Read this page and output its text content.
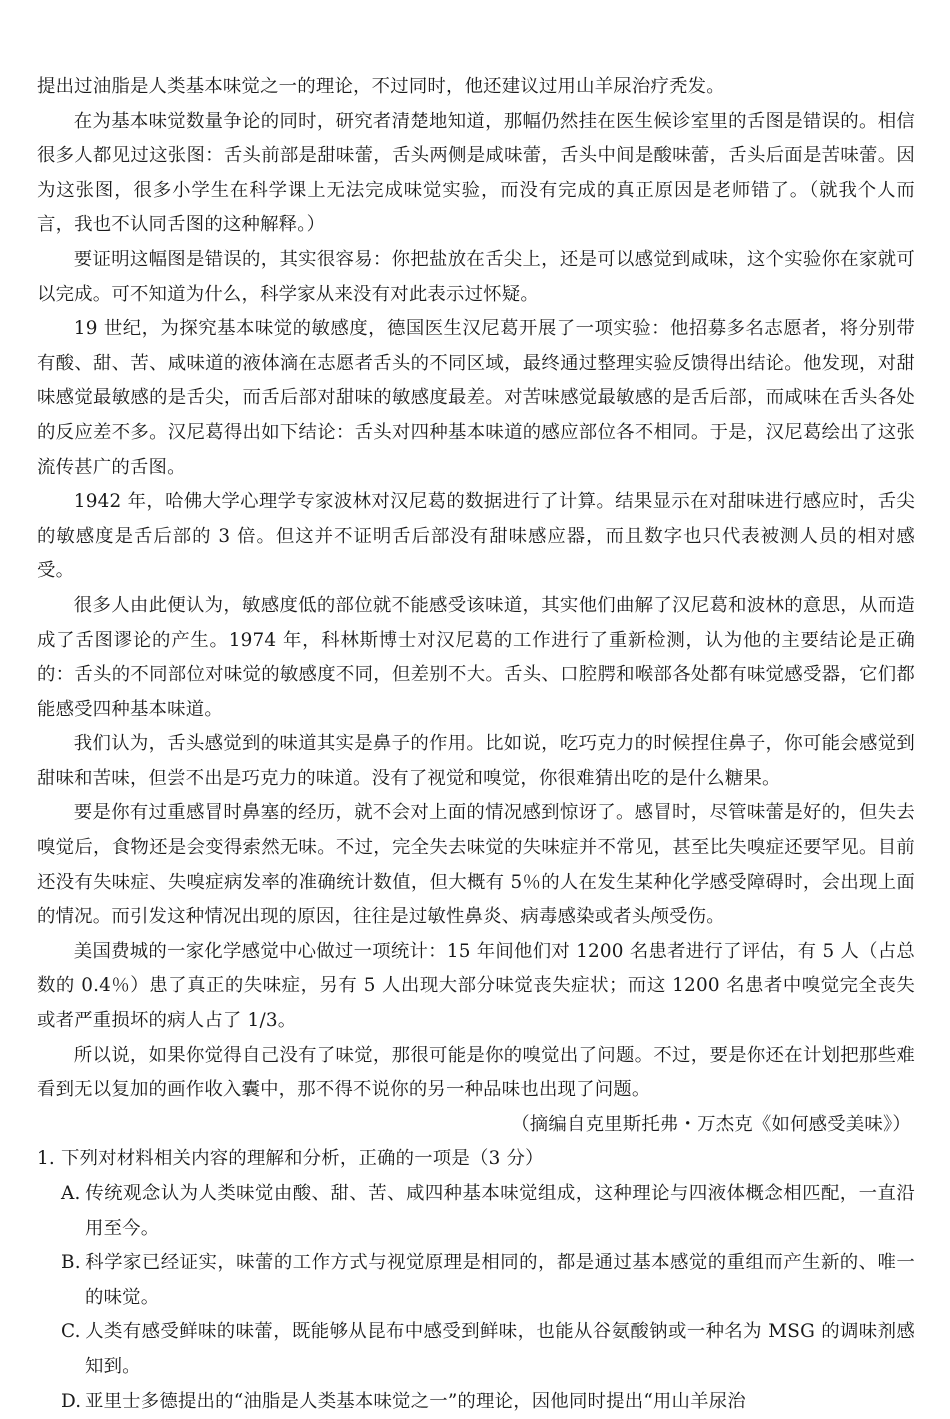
提出过油脂是人类基本味觉之一的理论，不过同时，他还建议过用山羊尿治疗秃发。

在为基本味觉数量争论的同时，研究者清楚地知道，那幅仍然挂在医生候诊室里的舌图是错误的。相信很多人都见过这张图：舌头前部是甜味蕾，舌头两侧是咸味蕾，舌头中间是酸味蕾，舌头后面是苦味蕾。因为这张图，很多小学生在科学课上无法完成味觉实验，而没有完成的真正原因是老师错了。（就我个人而言，我也不认同舌图的这种解释。）

要证明这幅图是错误的，其实很容易：你把盐放在舌尖上，还是可以感觉到咸味，这个实验你在家就可以完成。可不知道为什么，科学家从来没有对此表示过怀疑。

19 世纪，为探究基本味觉的敏感度，德国医生汉尼葛开展了一项实验：他招募多名志愿者，将分别带有酸、甜、苦、咸味道的液体滴在志愿者舌头的不同区域，最终通过整理实验反馈得出结论。他发现，对甜味感觉最敏感的是舌尖，而舌后部对甜味的敏感度最差。对苦味感觉最敏感的是舌后部，而咸味在舌头各处的反应差不多。汉尼葛得出如下结论：舌头对四种基本味道的感应部位各不相同。于是，汉尼葛绘出了这张流传甚广的舌图。

1942 年，哈佛大学心理学专家波林对汉尼葛的数据进行了计算。结果显示在对甜味进行感应时，舌尖的敏感度是舌后部的 3 倍。但这并不证明舌后部没有甜味感应器，而且数字也只代表被测人员的相对感受。

很多人由此便认为，敏感度低的部位就不能感受该味道，其实他们曲解了汉尼葛和波林的意思，从而造成了舌图谬论的产生。1974 年，科林斯博士对汉尼葛的工作进行了重新检测，认为他的主要结论是正确的：舌头的不同部位对味觉的敏感度不同，但差别不大。舌头、口腔腭和喉部各处都有味觉感受器，它们都能感受四种基本味道。

我们认为，舌头感觉到的味道其实是鼻子的作用。比如说，吃巧克力的时候捏住鼻子，你可能会感觉到甜味和苦味，但尝不出是巧克力的味道。没有了视觉和嗅觉，你很难猜出吃的是什么糖果。

要是你有过重感冒时鼻塞的经历，就不会对上面的情况感到惊讶了。感冒时，尽管味蕾是好的，但失去嗅觉后，食物还是会变得索然无味。不过，完全失去味觉的失味症并不常见，甚至比失嗅症还要罕见。目前还没有失味症、失嗅症病发率的准确统计数值，但大概有 5％的人在发生某种化学感受障碍时，会出现上面的情况。而引发这种情况出现的原因，往往是过敏性鼻炎、病毒感染或者头颅受伤。

美国费城的一家化学感觉中心做过一项统计：15 年间他们对 1200 名患者进行了评估，有 5 人（占总数的 0.4％）患了真正的失味症，另有 5 人出现大部分味觉丧失症状；而这 1200 名患者中嗅觉完全丧失或者严重损坏的病人占了 1/3。

所以说，如果你觉得自己没有了味觉，那很可能是你的嗅觉出了问题。不过，要是你还在计划把那些难看到无以复加的画作收入囊中，那不得不说你的另一种品味也出现了问题。

（摘编自克里斯托弗・万杰克《如何感受美味》）

1. 下列对材料相关内容的理解和分析，正确的一项是（3 分）

A. 传统观念认为人类味觉由酸、甜、苦、咸四种基本味觉组成，这种理论与四液体概念相匹配，一直沿用至今。

B. 科学家已经证实，味蕾的工作方式与视觉原理是相同的，都是通过基本感觉的重组而产生新的、唯一的味觉。

C. 人类有感受鲜味的味蕾，既能够从昆布中感受到鲜味，也能从谷氨酸钠或一种名为 MSG 的调味剂感知到。

D. 亚里士多德提出的“油脂是人类基本味觉之一”的理论，因他同时提出“用山羊尿治
